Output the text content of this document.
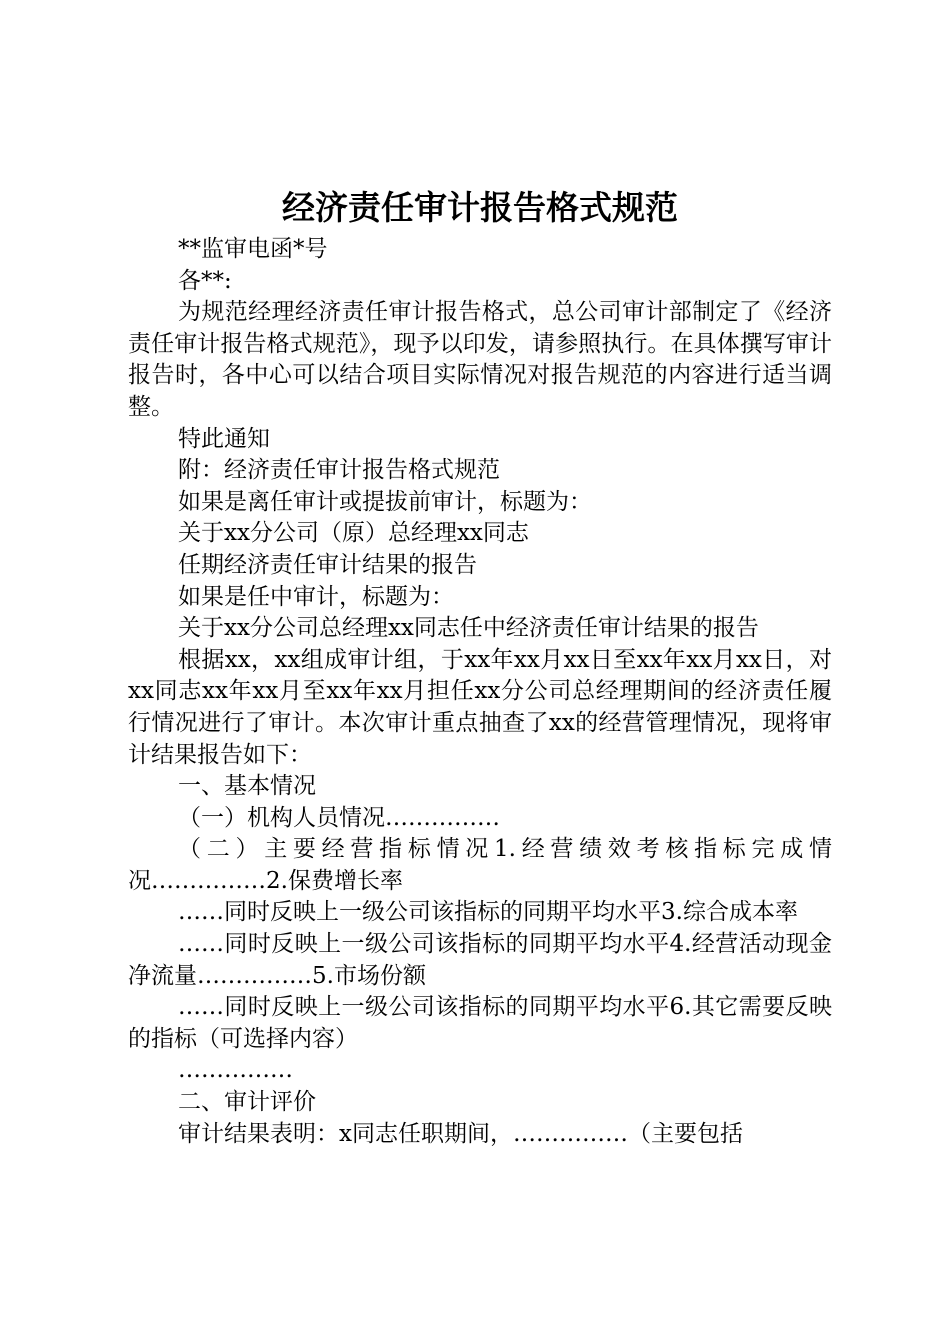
经济责任审计报告格式规范

**监审电函*号

各**:

为规范经理经济责任审计报告格式，总公司审计部制定了《经济责任审计报告格式规范》，现予以印发，请参照执行。在具体撰写审计报告时，各中心可以结合项目实际情况对报告规范的内容进行适当调整。

特此通知

附：经济责任审计报告格式规范

如果是离任审计或提拔前审计，标题为：

关于xx分公司（原）总经理xx同志

任期经济责任审计结果的报告

如果是任中审计，标题为：

关于xx分公司总经理xx同志任中经济责任审计结果的报告

根据xx，xx组成审计组，于xx年xx月xx日至xx年xx月xx日，对xx同志xx年xx月至xx年xx月担任xx分公司总经理期间的经济责任履行情况进行了审计。本次审计重点抽查了xx的经营管理情况，现将审计结果报告如下：

一、基本情况

（一）机构人员情况……………

（二）主要经营指标情况1.经营绩效考核指标完成情况……………2.保费增长率

……同时反映上一级公司该指标的同期平均水平3.综合成本率

……同时反映上一级公司该指标的同期平均水平4.经营活动现金净流量……………5.市场份额

……同时反映上一级公司该指标的同期平均水平6.其它需要反映的指标（可选择内容）

……………

二、审计评价

审计结果表明：x同志任职期间，……………（主要包括
